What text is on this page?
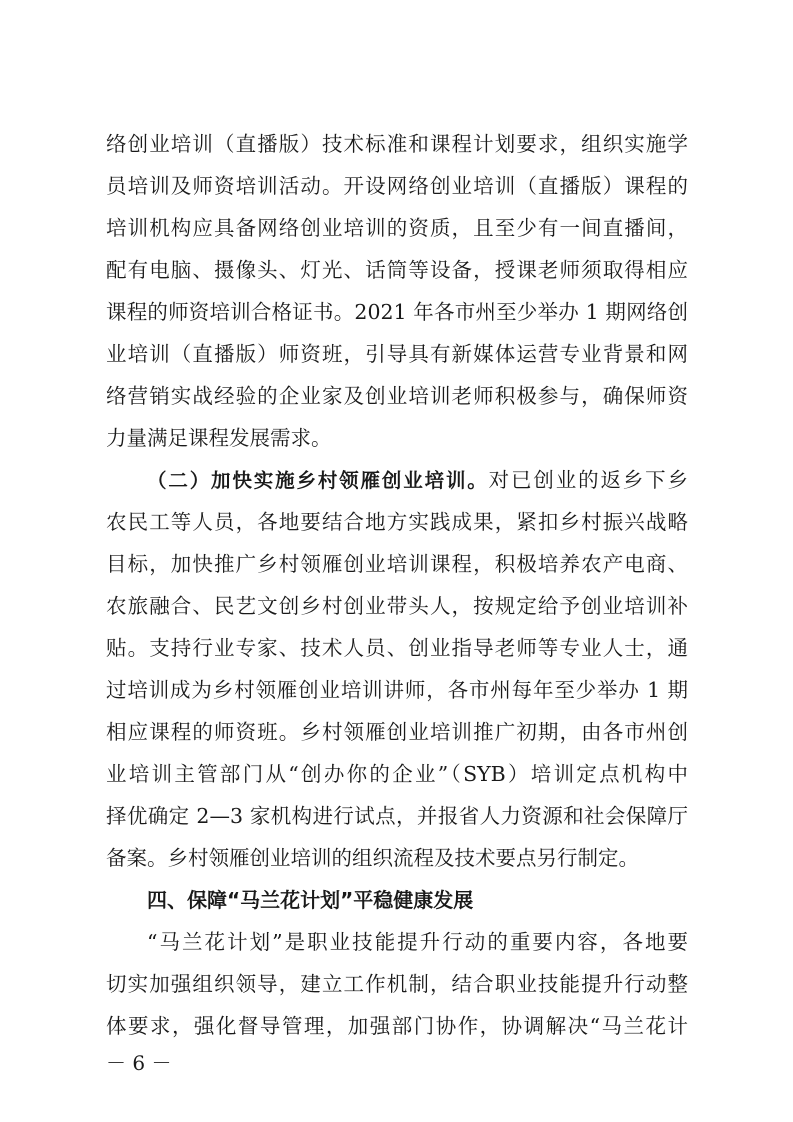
络创业培训（直播版）技术标准和课程计划要求，组织实施学
员培训及师资培训活动。开设网络创业培训（直播版）课程的
培训机构应具备网络创业培训的资质，且至少有一间直播间，
配有电脑、摄像头、灯光、话筒等设备，授课老师须取得相应
课程的师资培训合格证书。2021 年各市州至少举办 1 期网络创
业培训（直播版）师资班，引导具有新媒体运营专业背景和网
络营销实战经验的企业家及创业培训老师积极参与，确保师资
力量满足课程发展需求。
（二）加快实施乡村领雁创业培训。对已创业的返乡下乡
农民工等人员，各地要结合地方实践成果，紧扣乡村振兴战略
目标，加快推广乡村领雁创业培训课程，积极培养农产电商、
农旅融合、民艺文创乡村创业带头人，按规定给予创业培训补
贴。支持行业专家、技术人员、创业指导老师等专业人士，通
过培训成为乡村领雁创业培训讲师，各市州每年至少举办 1 期
相应课程的师资班。乡村领雁创业培训推广初期，由各市州创
业培训主管部门从“创办你的企业”（SYB）培训定点机构中
择优确定 2—3 家机构进行试点，并报省人力资源和社会保障厅
备案。乡村领雁创业培训的组织流程及技术要点另行制定。
四、保障“马兰花计划”平稳健康发展
“马兰花计划”是职业技能提升行动的重要内容，各地要
切实加强组织领导，建立工作机制，结合职业技能提升行动整
体要求，强化督导管理，加强部门协作，协调解决“马兰花计
－ 6 －
